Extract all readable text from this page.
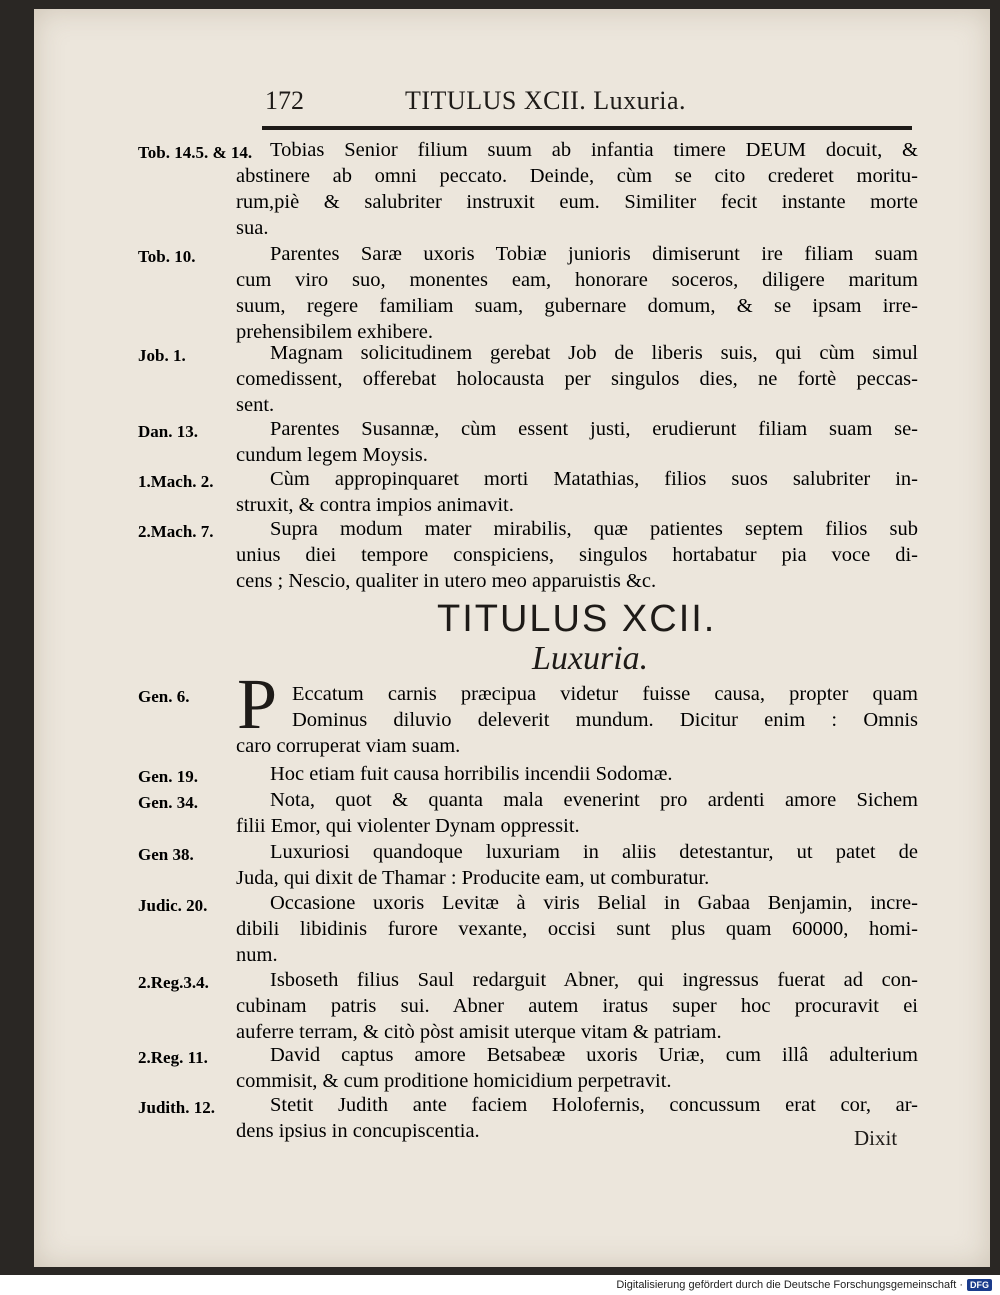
172	TITULUS XCII. Luxuria.
Tob. 14.5. & 14. Tobias Senior filium suum ab infantia timere DEUM docuit, &
abstinere ab omni peccato. Deinde, cùm se cito crederet moritu-
rum,piè & salubriter instruxit eum. Similiter fecit instante morte
sua.
Tob. 10.	Parentes Saræ uxoris Tobiæ junioris dimiserunt ire filiam suam
cum viro suo, monentes eam, honorare soceros, diligere maritum
suum, regere familiam suam, gubernare domum, & se ipsam irre-
prehensibilem exhibere.
Job. 1.	Magnam solicitudinem gerebat Job de liberis suis, qui cùm simul
comedissent, offerebat holocausta per singulos dies, ne fortè peccas-
sent.
Dan. 13.	Parentes Susannæ, cùm essent justi, erudierunt filiam suam se-
cundum legem Moysis.
1.Mach. 2.	Cùm appropinquaret morti Matathias, filios suos salubriter in-
struxit, & contra impios animavit.
2.Mach. 7.	Supra modum mater mirabilis, quæ patientes septem filios sub
unius diei tempore conspiciens, singulos hortabatur pia voce di-
cens ; Nescio, qualiter in utero meo apparuistis &c.
TITULUS XCII.
Luxuria.
Gen. 6.	Eccatum carnis præcipua videtur fuisse causa, propter quam
Dominus diluvio deleverit mundum. Dicitur enim : Omnis
caro corruperat viam suam.
P
Gen. 19.	Hoc etiam fuit causa horribilis incendii Sodomæ.
Gen. 34.	Nota, quot & quanta mala evenerint pro ardenti amore Sichem
filii Emor, qui violenter Dynam oppressit.
Gen 38.	Luxuriosi quandoque luxuriam in aliis detestantur, ut patet de
Juda, qui dixit de Thamar : Producite eam, ut comburatur.
Judic. 20.	Occasione uxoris Levitæ à viris Belial in Gabaa Benjamin, incre-
dibili libidinis furore vexante, occisi sunt plus quam 60000, homi-
num.
2.Reg.3.4.	Isboseth filius Saul redarguit Abner, qui ingressus fuerat ad con-
cubinam patris sui. Abner autem iratus super hoc procuravit ei
auferre terram, & citò pòst amisit uterque vitam & patriam.
2.Reg. 11.	David captus amore Betsabeæ uxoris Uriæ, cum illâ adulterium
commisit, & cum proditione homicidium perpetravit.
Judith. 12.	Stetit Judith ante faciem Holofernis, concussum erat cor, ar-
dens ipsius in concupiscentia.	Dixit
Digitalisierung gefördert durch die Deutsche Forschungsgemeinschaft · DFG
